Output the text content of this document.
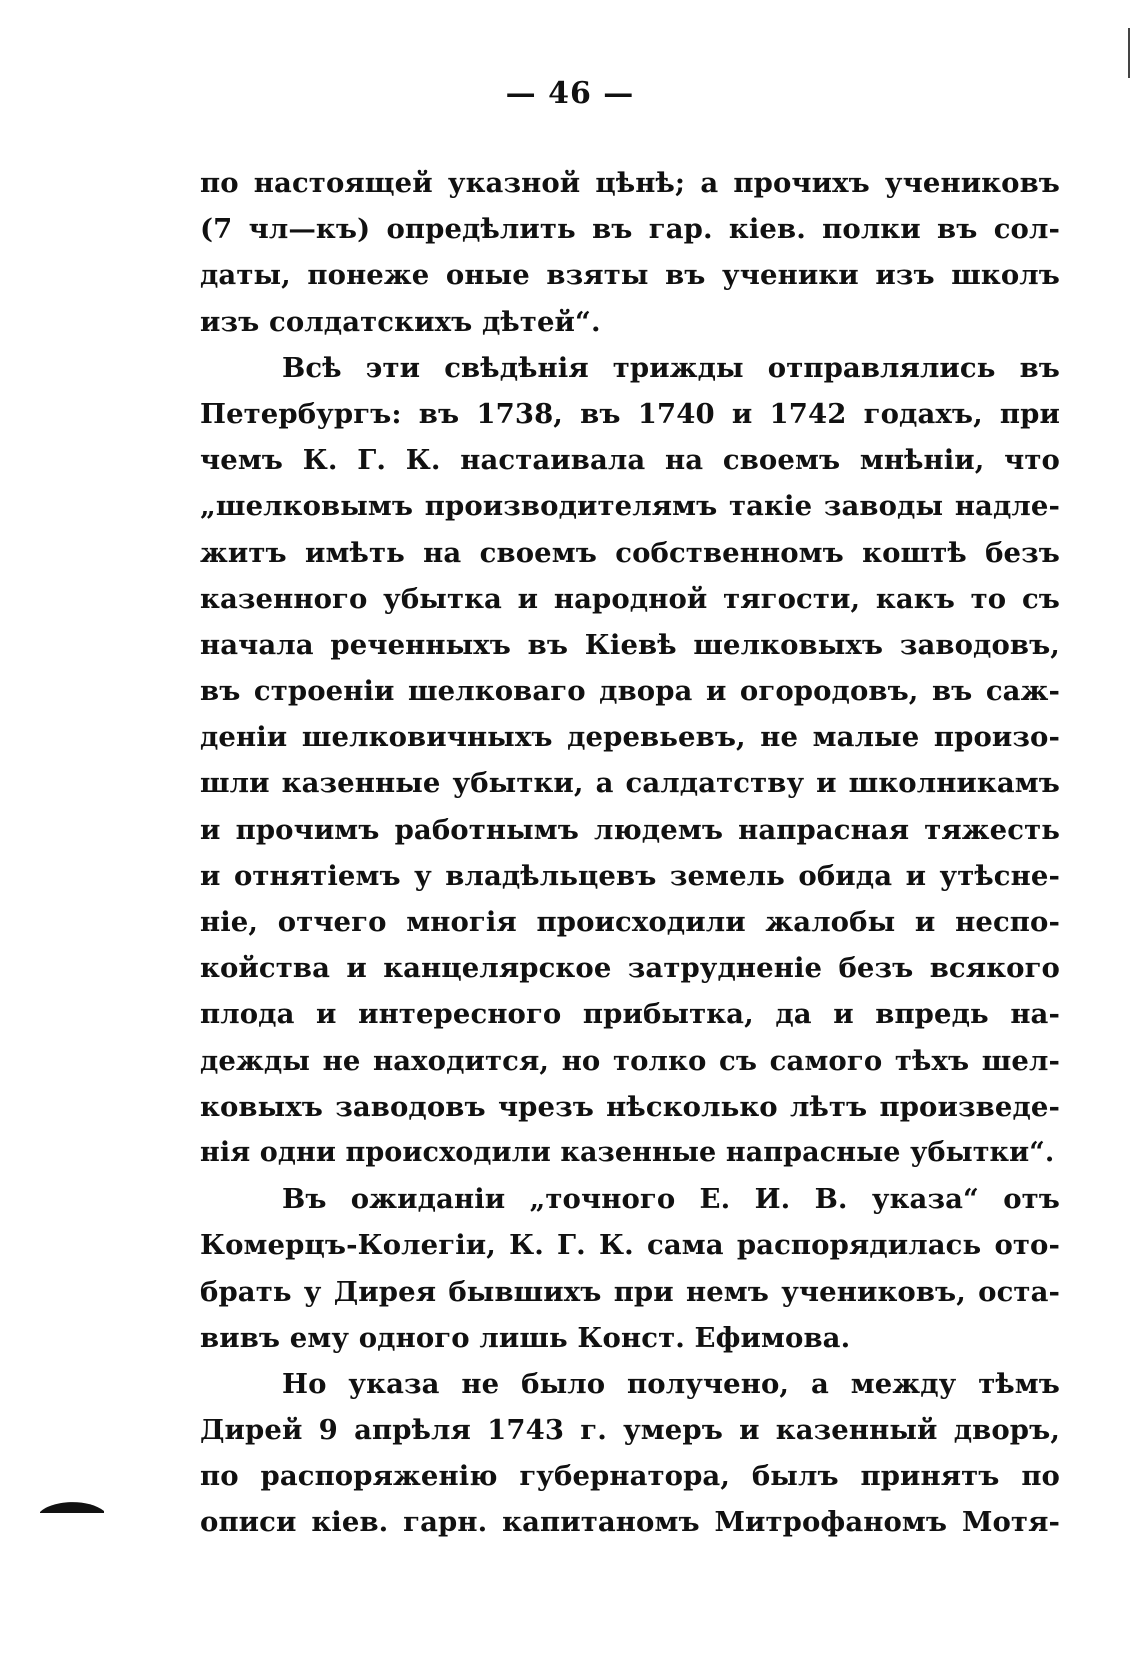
— 46 —
по настоящей указной цѣнѣ; а прочихъ учениковъ
(7 чл—къ) опредѣлить въ гар. кіев. полки въ сол-
даты, понеже оные взяты въ ученики изъ школъ
изъ солдатскихъ дѣтей“.
Всѣ эти свѣдѣнія трижды отправлялись въ
Петербургъ: въ 1738, въ 1740 и 1742 годахъ, при
чемъ К. Г. К. настаивала на своемъ мнѣніи, что
„шелковымъ производителямъ такіе заводы надле-
житъ имѣть на своемъ собственномъ коштѣ безъ
казенного убытка и народной тягости, какъ то съ
начала реченныхъ въ Кіевѣ шелковыхъ заводовъ,
въ строеніи шелковаго двора и огородовъ, въ саж-
деніи шелковичныхъ деревьевъ, не малые произо-
шли казенные убытки, а салдатству и школникамъ
и прочимъ работнымъ людемъ напрасная тяжесть
и отнятіемъ у владѣльцевъ земель обида и утѣсне-
ніе, отчего многія происходили жалобы и неспо-
койства и канцелярское затрудненіе безъ всякого
плода и интересного прибытка, да и впредь на-
дежды не находится, но толко съ самого тѣхъ шел-
ковыхъ заводовъ чрезъ нѣсколько лѣтъ произведе-
нія одни происходили казенные напрасные убытки“.
Въ ожиданіи „точного Е. И. В. указа“ отъ
Комерцъ-Колегіи, К. Г. К. сама распорядилась ото-
брать у Дирея бывшихъ при немъ учениковъ, оста-
вивъ ему одного лишь Конст. Ефимова.
Но указа не было получено, а между тѣмъ
Дирей 9 апрѣля 1743 г. умеръ и казенный дворъ,
по распоряженію губернатора, былъ принятъ по
описи кіев. гарн. капитаномъ Митрофаномъ Мотя-
